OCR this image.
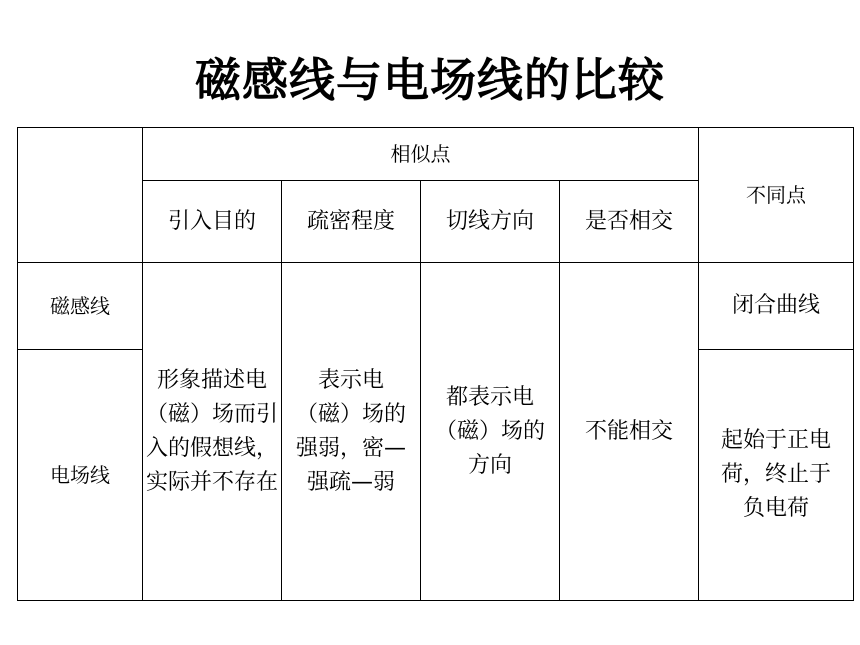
磁感线与电场线的比较
	相似点				不同点
	引入目的	疏密程度	切线方向	是否相交	
磁感线	形象描述电（磁）场而引入的假想线，实际并不存在	表示电（磁）场的强弱，密—强疏—弱	都表示电（磁）场的方向	不能相交	闭合曲线
电场线					起始于正电荷，终止于负电荷
